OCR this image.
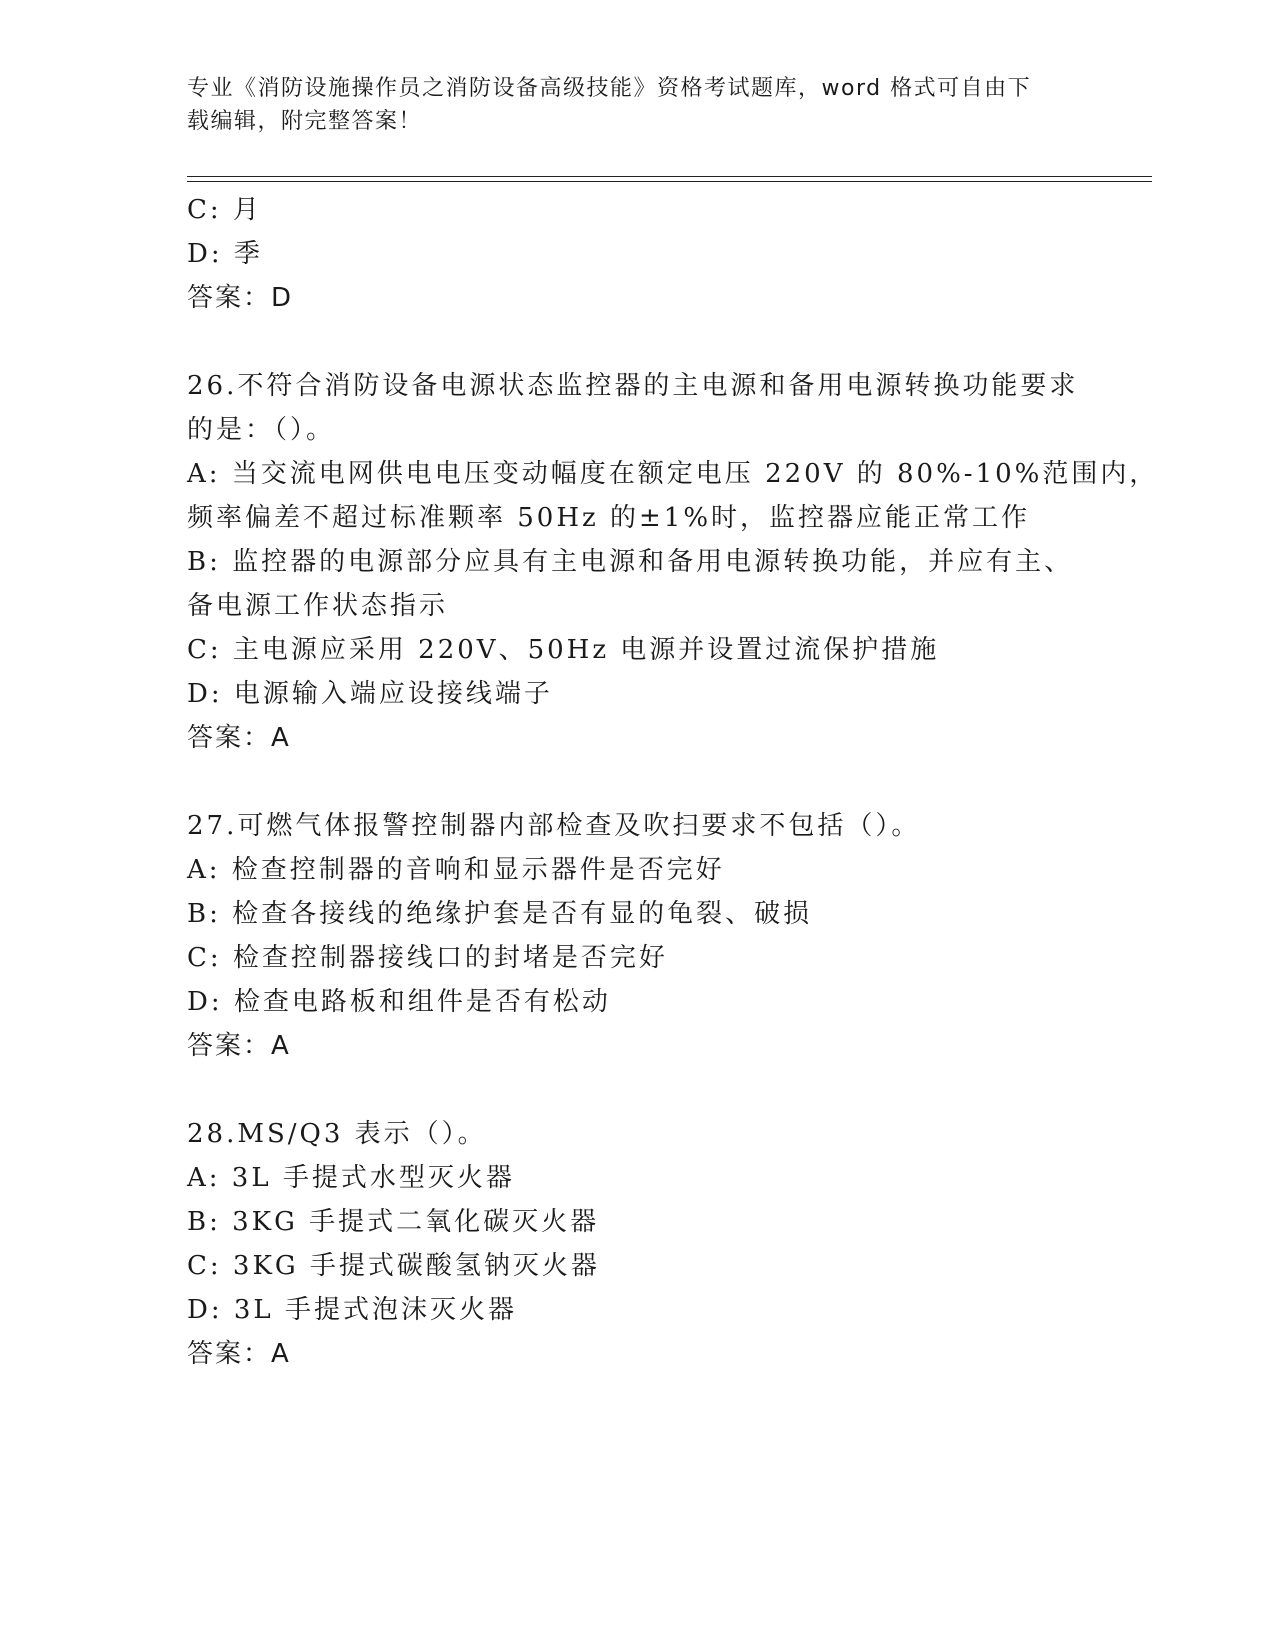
专业《消防设施操作员之消防设备高级技能》资格考试题库，word 格式可自由下
载编辑，附完整答案！
C: 月
D: 季
答案：D
26.不符合消防设备电源状态监控器的主电源和备用电源转换功能要求
的是：（）。
A: 当交流电网供电电压变动幅度在额定电压 220V 的 80%-10%范围内，
频率偏差不超过标准颗率 50Hz 的±1%时，监控器应能正常工作
B: 监控器的电源部分应具有主电源和备用电源转换功能，并应有主、
备电源工作状态指示
C: 主电源应采用 220V、50Hz 电源并设置过流保护措施
D: 电源输入端应设接线端子
答案：A
27.可燃气体报警控制器内部检查及吹扫要求不包括（）。
A: 检查控制器的音响和显示器件是否完好
B: 检查各接线的绝缘护套是否有显的龟裂、破损
C: 检查控制器接线口的封堵是否完好
D: 检查电路板和组件是否有松动
答案：A
28.MS/Q3 表示（）。
A: 3L 手提式水型灭火器
B: 3KG 手提式二氧化碳灭火器
C: 3KG 手提式碳酸氢钠灭火器
D: 3L 手提式泡沫灭火器
答案：A
